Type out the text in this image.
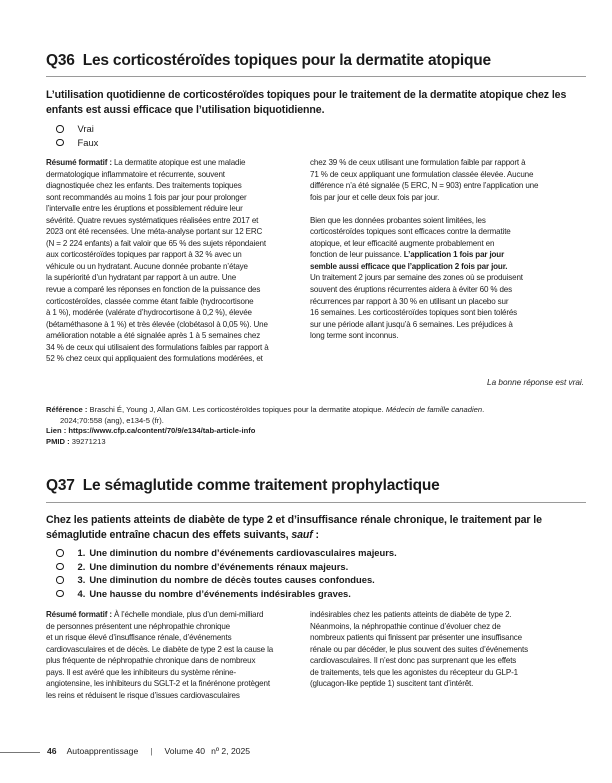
Q36 Les corticostéroïdes topiques pour la dermatite atopique
L’utilisation quotidienne de corticostéroïdes topiques pour le traitement de la dermatite atopique chez les enfants est aussi efficace que l’utilisation biquotidienne.
Vrai
Faux

Résumé formatif : La dermatite atopique est une maladie

dermatologique inflammatoire et récurrente, souvent

diagnostiquée chez les enfants. Des traitements topiques

sont recommandés au moins 1 fois par jour pour prolonger

l’intervalle entre les éruptions et possiblement réduire leur

sévérité. Quatre revues systématiques réalisées entre 2017 et

2023 ont été recensées. Une méta-analyse portant sur 12 ERC

(N = 2 224 enfants) a fait valoir que 65 % des sujets répondaient

aux corticostéroïdes topiques par rapport à 32 % avec un

véhicule ou un hydratant. Aucune donnée probante n’étaye

la supériorité d’un hydratant par rapport à un autre. Une

revue a comparé les réponses en fonction de la puissance des

corticostéroïdes, classée comme étant faible (hydrocortisone

à 1 %), modérée (valérate d’hydrocortisone à 0,2 %), élevée

(bétaméthasone à 1 %) et très élevée (clobétasol à 0,05 %). Une

amélioration notable a été signalée après 1 à 5 semaines chez

34 % de ceux qui utilisaient des formulations faibles par rapport à

52 % chez ceux qui appliquaient des formulations modérées, et

chez 39 % de ceux utilisant une formulation faible par rapport à

71 % de ceux appliquant une formulation classée élevée. Aucune

différence n’a été signalée (5 ERC, N = 903) entre l’application une

fois par jour et celle deux fois par jour.

Bien que les données probantes soient limitées, les

corticostéroïdes topiques sont efficaces contre la dermatite

atopique, et leur efficacité augmente probablement en

fonction de leur puissance. L’application 1 fois par jour

semble aussi efficace que l’application 2 fois par jour.

Un traitement 2 jours par semaine des zones où se produisent

souvent des éruptions récurrentes aidera à éviter 60 % des

récurrences par rapport à 30 % en utilisant un placebo sur

16 semaines. Les corticostéroïdes topiques sont bien tolérés

sur une période allant jusqu’à 6 semaines. Les préjudices à

long terme sont inconnus.

La bonne réponse est vrai.
Référence : Braschi É, Young J, Allan GM. Les corticostéroïdes topiques pour la dermatite atopique. Médecin de famille canadien.
2024;70:558 (ang), e134-5 (fr).
Lien : https://www.cfp.ca/content/70/9/e134/tab-article-info
PMID : 39271213
Q37 Le sémaglutide comme traitement prophylactique
Chez les patients atteints de diabète de type 2 et d’insuffisance rénale chronique, le traitement par le sémaglutide entraîne chacun des effets suivants, sauf :
1. Une diminution du nombre d’événements cardiovasculaires majeurs.
2. Une diminution du nombre d’événements rénaux majeurs.
3. Une diminution du nombre de décès toutes causes confondues.
4. Une hausse du nombre d’événements indésirables graves.

Résumé formatif : À l’échelle mondiale, plus d’un demi-milliard

de personnes présentent une néphropathie chronique

et un risque élevé d’insuffisance rénale, d’événements

cardiovasculaires et de décès. Le diabète de type 2 est la cause la

plus fréquente de néphropathie chronique dans de nombreux

pays. Il est avéré que les inhibiteurs du système rénine-

angiotensine, les inhibiteurs du SGLT-2 et la finérénone protègent

les reins et réduisent le risque d’issues cardiovasculaires

indésirables chez les patients atteints de diabète de type 2.

Néanmoins, la néphropathie continue d’évoluer chez de

nombreux patients qui finissent par présenter une insuffisance

rénale ou par décéder, le plus souvent des suites d’événements

cardiovasculaires. Il n’est donc pas surprenant que les effets

de traitements, tels que les agonistes du récepteur du GLP-1

(glucagon-like peptide 1) suscitent tant d’intérêt.

46 Autoapprentissage | Volume 40 nº 2, 2025
